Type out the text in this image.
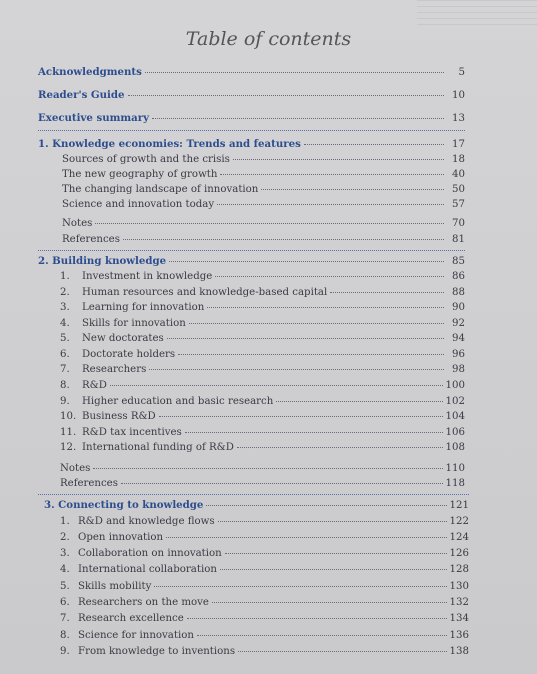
Table of contents
Acknowledgments	5
Reader's Guide	10
Executive summary	13
1. Knowledge economies: Trends and features	17
Sources of growth and the crisis	18
The new geography of growth	40
The changing landscape of innovation	50
Science and innovation today	57
Notes	70
References	81
2. Building knowledge	85
1.	Investment in knowledge	86
2.	Human resources and knowledge-based capital	88
3.	Learning for innovation	90
4.	Skills for innovation	92
5.	New doctorates	94
6.	Doctorate holders	96
7.	Researchers	98
8.	R&D	100
9.	Higher education and basic research	102
10. Business R&D	104
11. R&D tax incentives	106
12. International funding of R&D	108
Notes	110
References	118
3. Connecting to knowledge	121
1. R&D and knowledge flows	122
2. Open innovation	124
3. Collaboration on innovation	126
4. International collaboration	128
5. Skills mobility	130
6. Researchers on the move	132
7. Research excellence	134
8. Science for innovation	136
9. From knowledge to inventions	138
